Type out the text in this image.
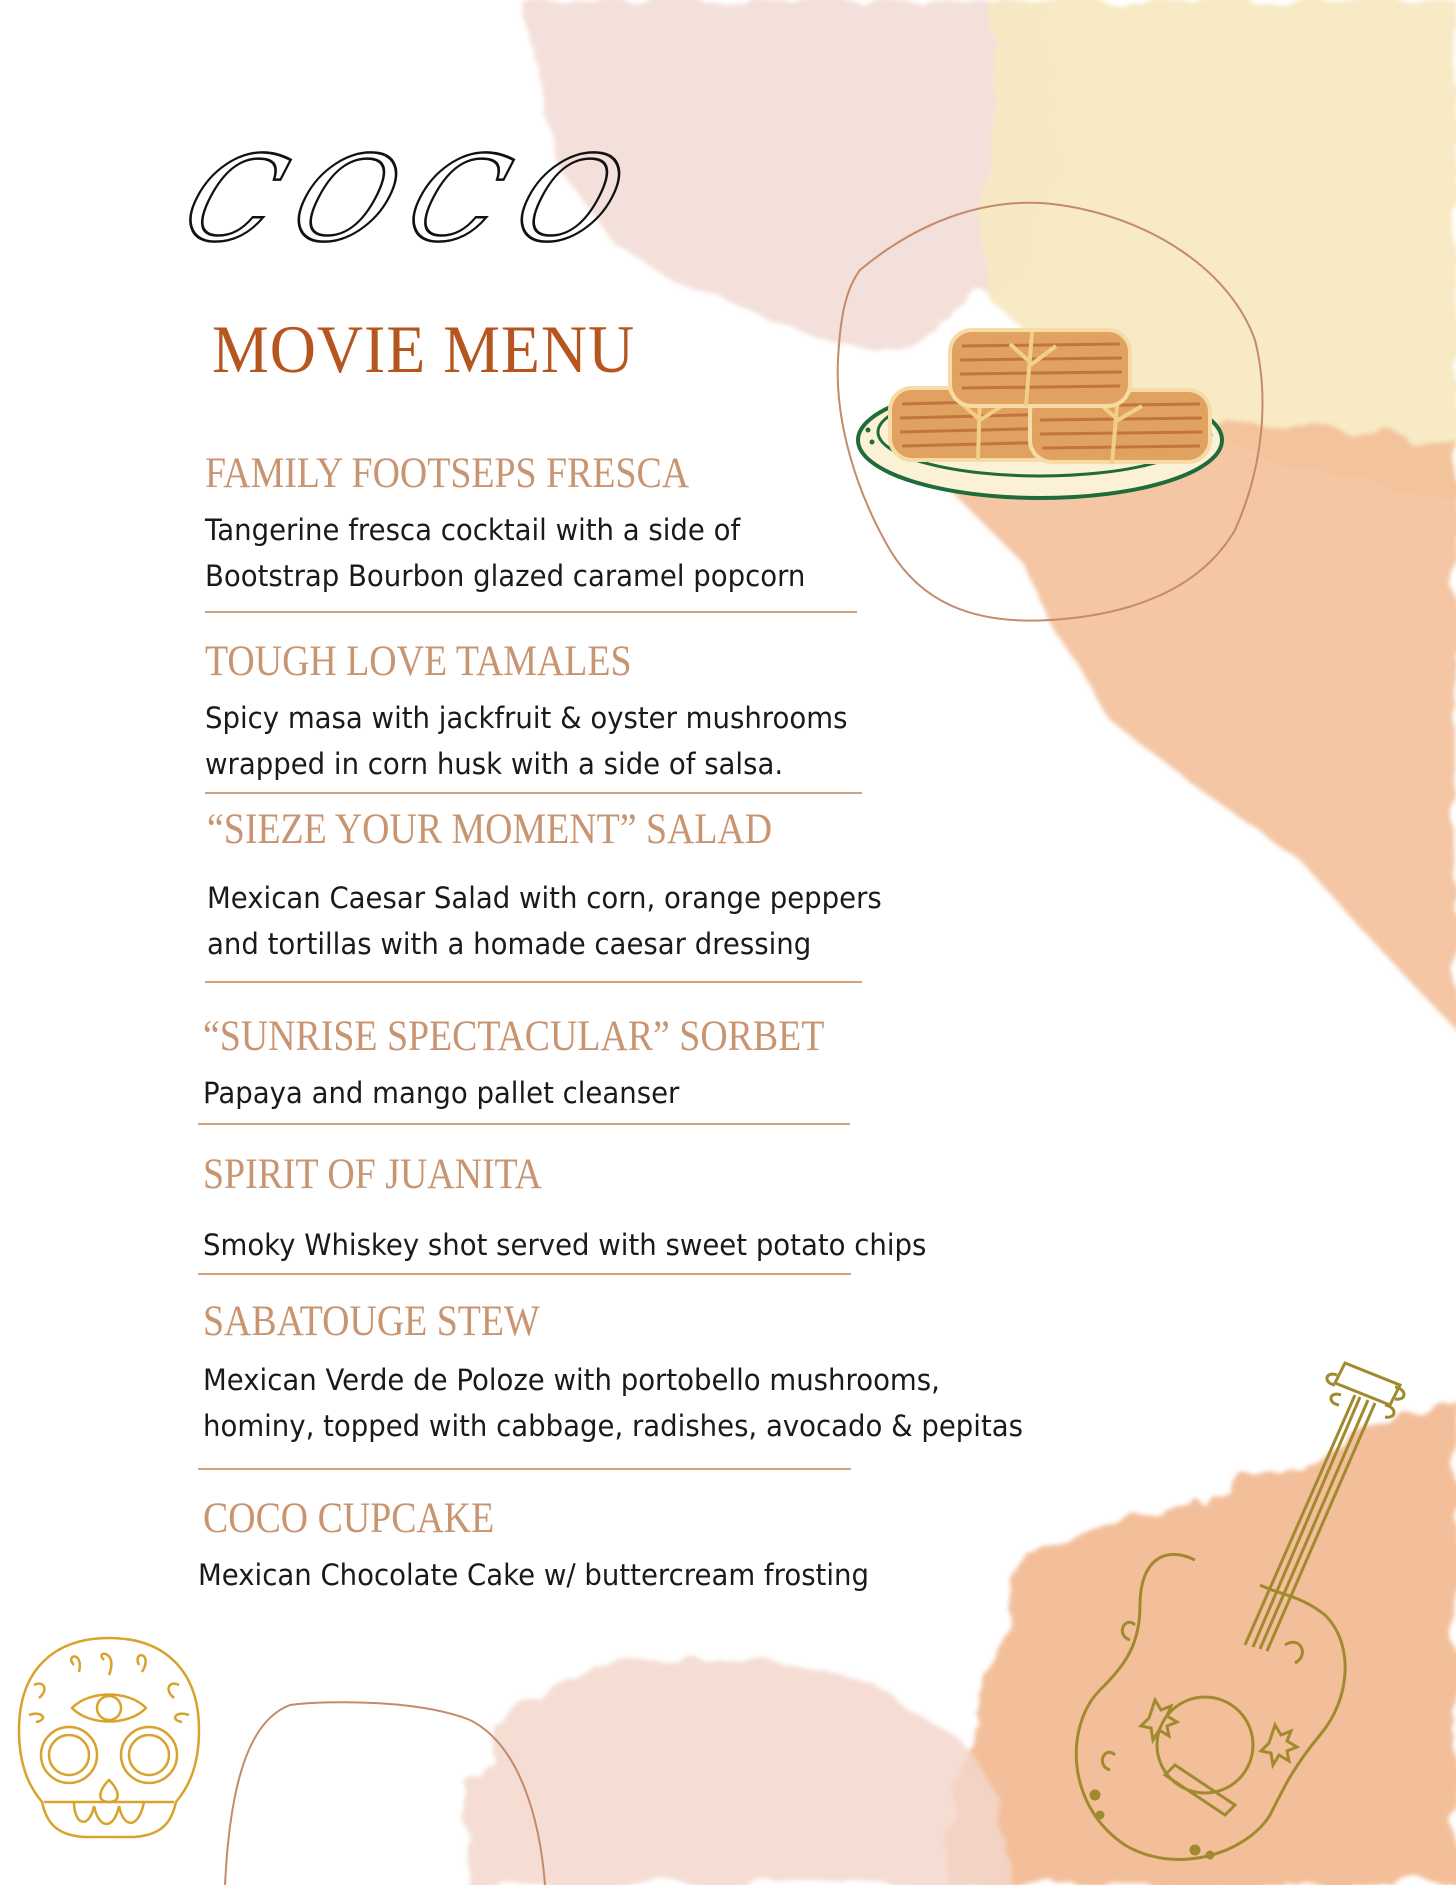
COCO
MOVIE MENU
FAMILY FOOTSEPS FRESCA
Tangerine fresca cocktail with a side of
Bootstrap Bourbon glazed caramel popcorn
TOUGH LOVE TAMALES
Spicy masa with jackfruit & oyster mushrooms
wrapped in corn husk with a side of salsa.
“SIEZE YOUR MOMENT” SALAD
Mexican Caesar Salad with corn, orange peppers
and tortillas with a homade caesar dressing
“SUNRISE SPECTACULAR” SORBET
Papaya and mango pallet cleanser
SPIRIT OF JUANITA
Smoky Whiskey shot served with sweet potato chips
SABATOUGE STEW
Mexican Verde de Poloze with portobello mushrooms,
hominy, topped with cabbage, radishes, avocado & pepitas
COCO CUPCAKE
Mexican Chocolate Cake w/ buttercream frosting
